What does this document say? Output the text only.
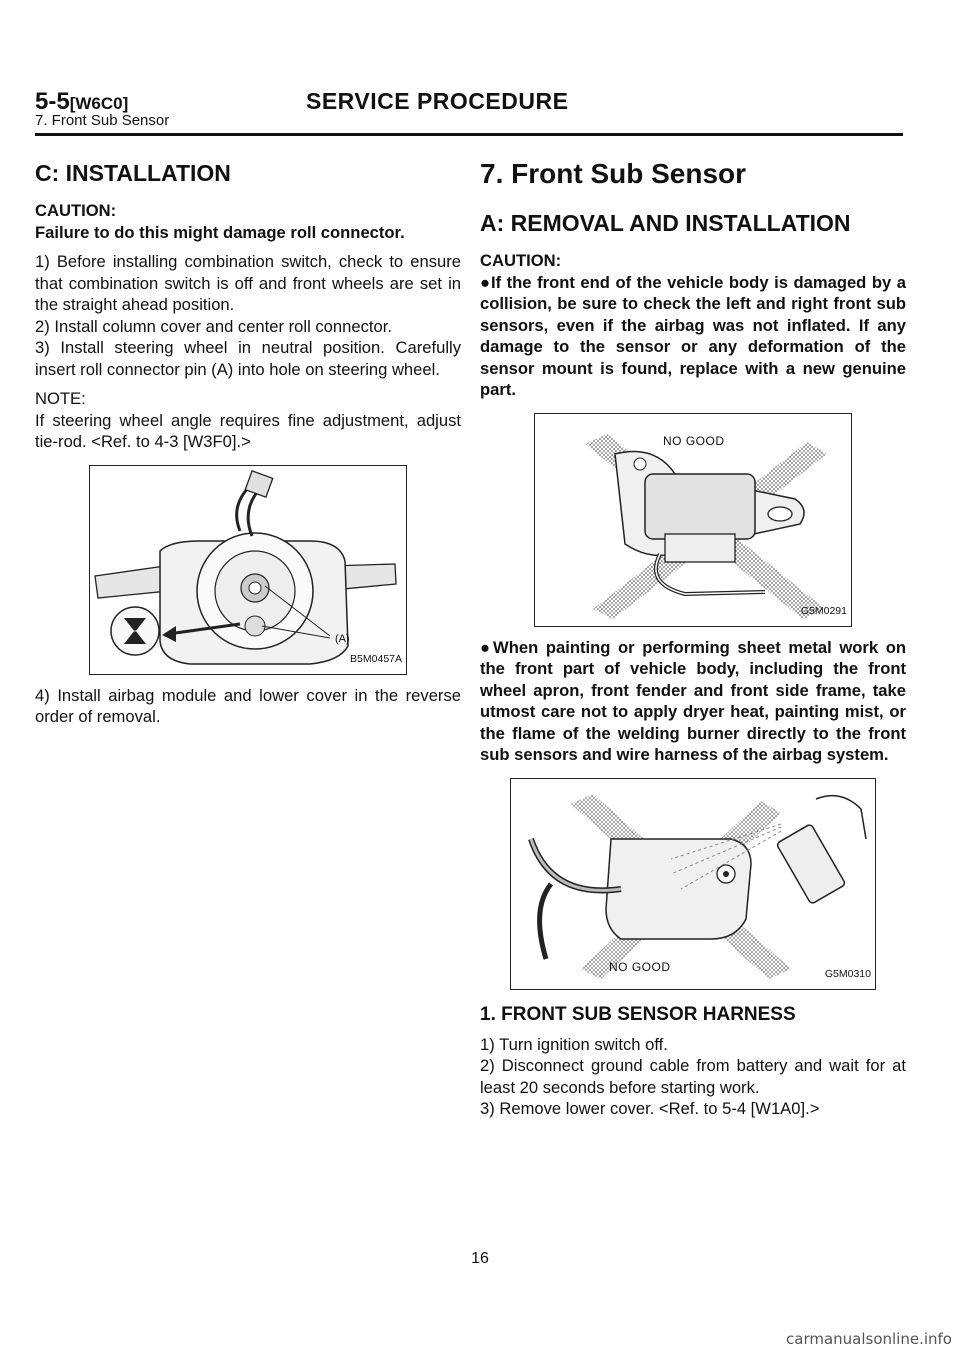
5-5[W6C0]	SERVICE PROCEDURE
7. Front Sub Sensor
C: INSTALLATION

CAUTION:

Failure to do this might damage roll connector.

1) Before installing combination switch, check to ensure that combination switch is off and front wheels are set in the straight ahead position.

2) Install column cover and center roll connector.

3) Install steering wheel in neutral position. Carefully insert roll connector pin (A) into hole on steering wheel.

NOTE:

If steering wheel angle requires fine adjustment, adjust tie-rod. <Ref. to 4-3 [W3F0].>

(A)
B5M0457A

4) Install airbag module and lower cover in the reverse order of removal.

7. Front Sub Sensor
A: REMOVAL AND INSTALLATION

CAUTION:

●If the front end of the vehicle body is damaged by a collision, be sure to check the left and right front sub sensors, even if the airbag was not inflated. If any damage to the sensor or any deformation of the sensor mount is found, replace with a new genuine part.

NO GOOD
G5M0291

●When painting or performing sheet metal work on the front part of vehicle body, including the front wheel apron, front fender and front side frame, take utmost care not to apply dryer heat, painting mist, or the flame of the welding burner directly to the front sub sensors and wire harness of the airbag system.

NO GOOD
G5M0310
1. FRONT SUB SENSOR HARNESS

1) Turn ignition switch off.

2) Disconnect ground cable from battery and wait for at least 20 seconds before starting work.

3) Remove lower cover. <Ref. to 5-4 [W1A0].>

16
carmanualsonline.info
